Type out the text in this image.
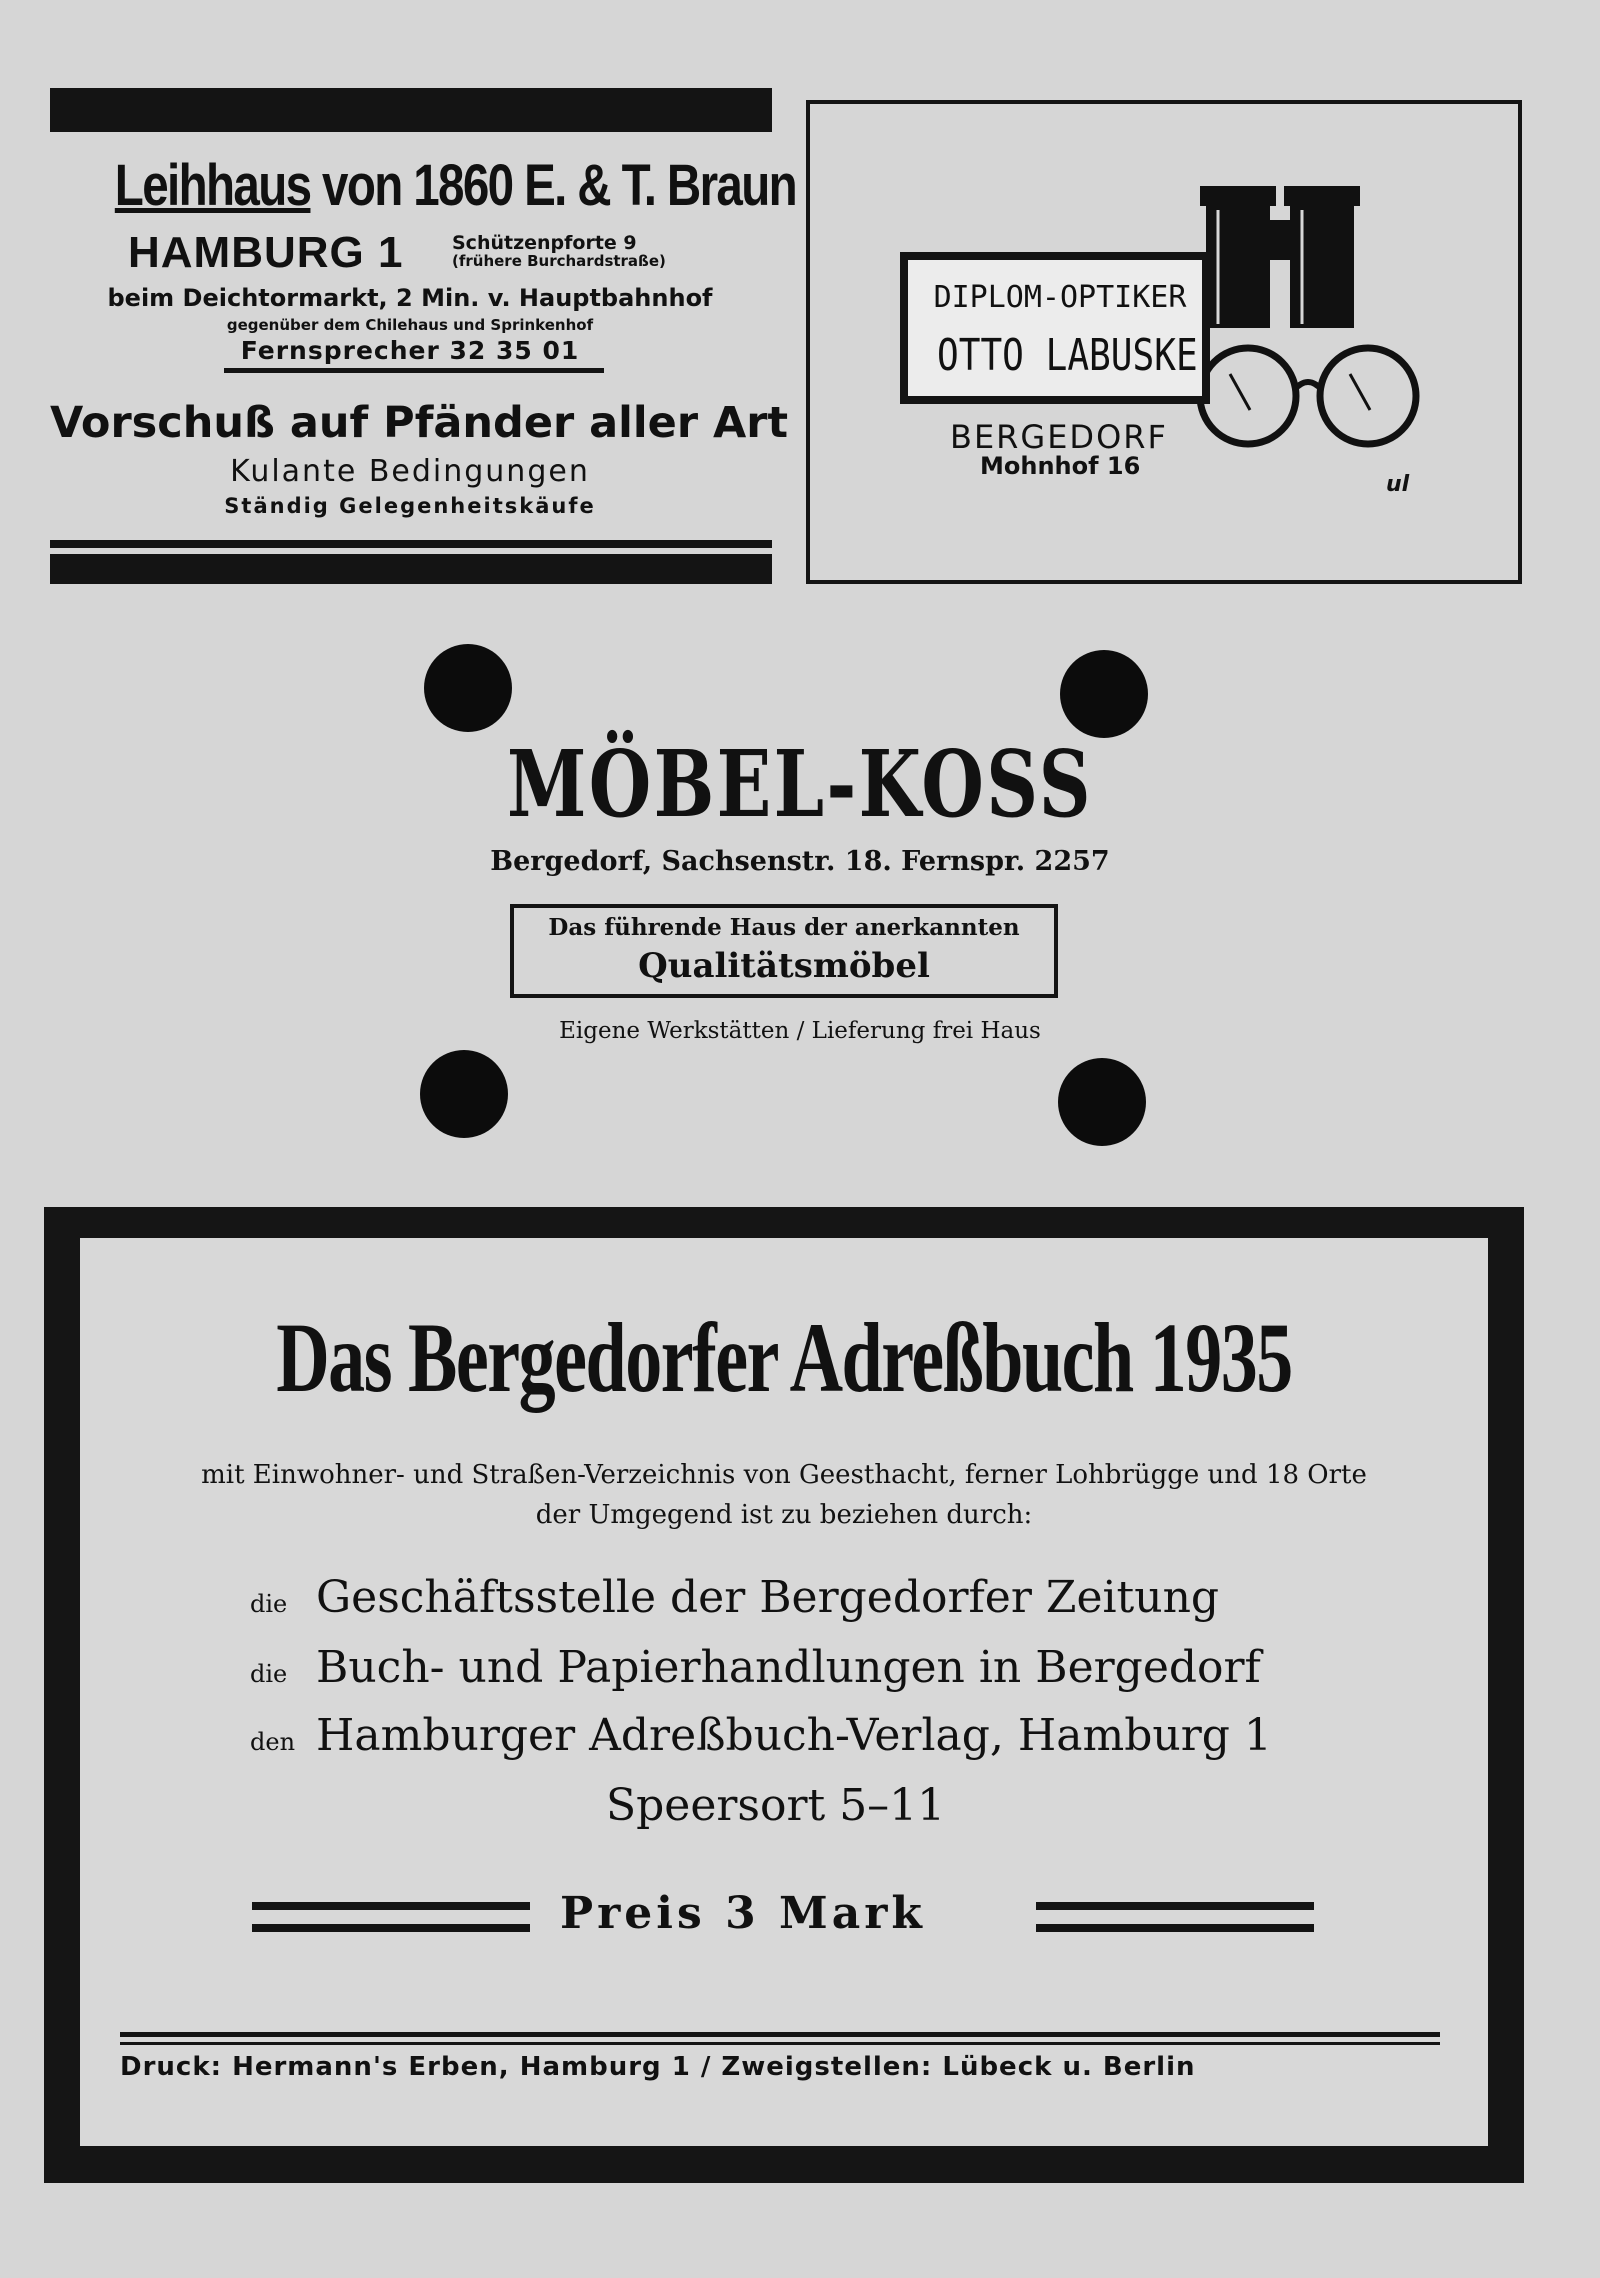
Leihhaus von 1860 E. & T. Braun
HAMBURG 1	Schützenpforte 9
(frühere Burchardstraße)
beim Deichtormarkt, 2 Min. v. Hauptbahnhof
gegenüber dem Chilehaus und Sprinkenhof
Fernsprecher 32 35 01
Vorschuß auf Pfänder aller Art
Kulante Bedingungen
Ständig Gelegenheitskäufe
DIPLOM-OPTIKER
OTTO LABUSKE
BERGEDORF
Mohnhof 16
ul
MÖBEL-KOSS
Bergedorf, Sachsenstr. 18. Fernspr. 2257
Das führende Haus der anerkannten
Qualitätsmöbel
Eigene Werkstätten / Lieferung frei Haus
Das Bergedorfer Adreßbuch 1935
mit Einwohner- und Straßen-Verzeichnis von Geesthacht, ferner Lohbrügge und 18 Orte
der Umgegend ist zu beziehen durch:
die Geschäftsstelle der Bergedorfer Zeitung
die Buch- und Papierhandlungen in Bergedorf
den Hamburger Adreßbuch-Verlag, Hamburg 1
Speersort 5–11
Preis 3 Mark
Druck: Hermann's Erben, Hamburg 1 / Zweigstellen: Lübeck u. Berlin
